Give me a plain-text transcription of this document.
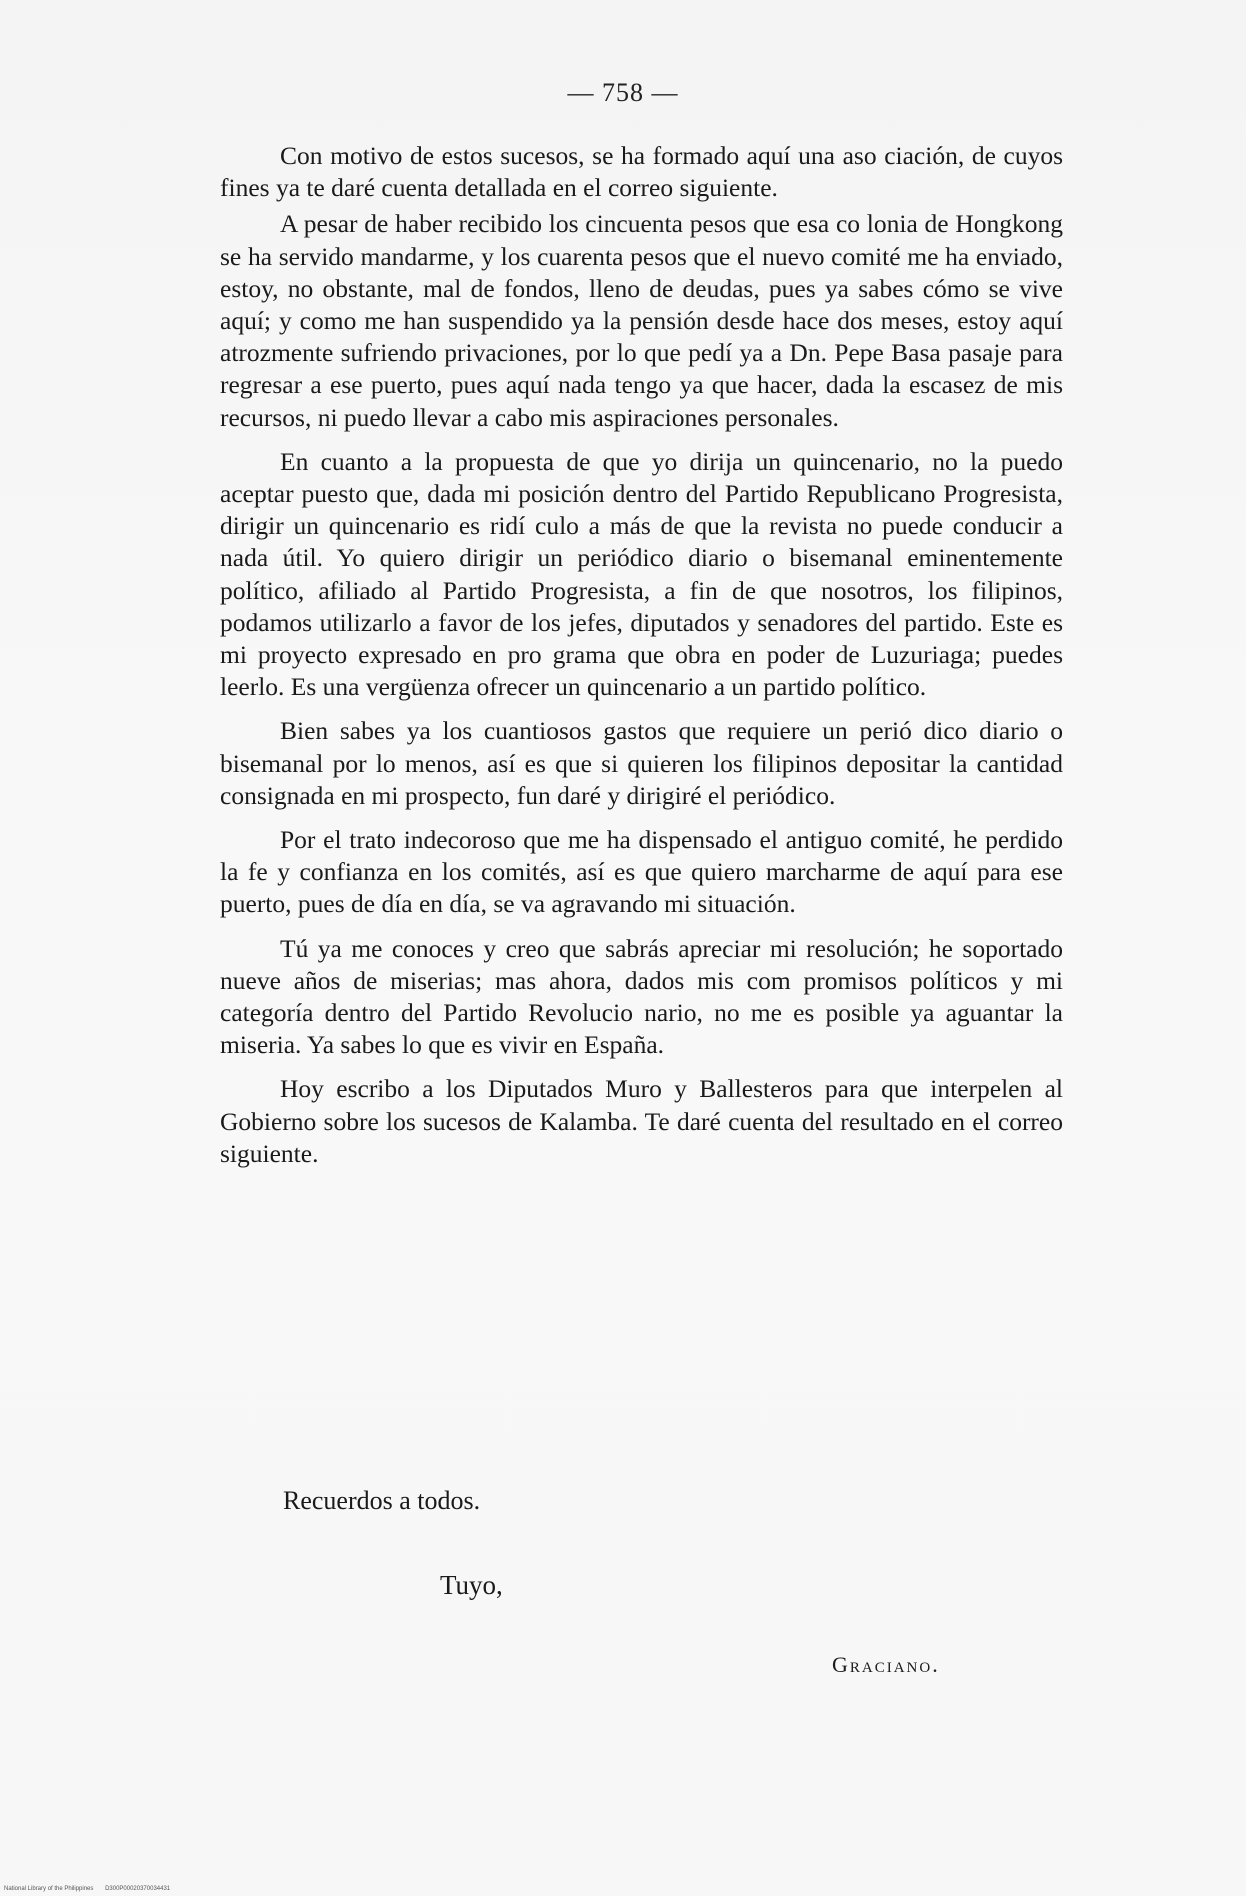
— 758 —

Con motivo de estos sucesos, se ha formado aquí una aso ciación, de cuyos fines ya te daré cuenta detallada en el correo siguiente.

A pesar de haber recibido los cincuenta pesos que esa co lonia de Hongkong se ha servido mandarme, y los cuarenta pesos que el nuevo comité me ha enviado, estoy, no obstante, mal de fondos, lleno de deudas, pues ya sabes cómo se vive aquí; y como me han suspendido ya la pensión desde hace dos meses, estoy aquí atrozmente sufriendo privaciones, por lo que pedí ya a Dn. Pepe Basa pasaje para regresar a ese puerto, pues aquí nada tengo ya que hacer, dada la escasez de mis recursos, ni puedo llevar a cabo mis aspiraciones personales.

En cuanto a la propuesta de que yo dirija un quincenario, no la puedo aceptar puesto que, dada mi posición dentro del Partido Republicano Progresista, dirigir un quincenario es ridí culo a más de que la revista no puede conducir a nada útil. Yo quiero dirigir un periódico diario o bisemanal eminentemente político, afiliado al Partido Progresista, a fin de que nosotros, los filipinos, podamos utilizarlo a favor de los jefes, diputados y senadores del partido. Este es mi proyecto expresado en pro grama que obra en poder de Luzuriaga; puedes leerlo. Es una vergüenza ofrecer un quincenario a un partido político.

Bien sabes ya los cuantiosos gastos que requiere un perió dico diario o bisemanal por lo menos, así es que si quieren los filipinos depositar la cantidad consignada en mi prospecto, fun daré y dirigiré el periódico.

Por el trato indecoroso que me ha dispensado el antiguo comité, he perdido la fe y confianza en los comités, así es que quiero marcharme de aquí para ese puerto, pues de día en día, se va agravando mi situación.

Tú ya me conoces y creo que sabrás apreciar mi resolución; he soportado nueve años de miserias; mas ahora, dados mis com promisos políticos y mi categoría dentro del Partido Revolucio nario, no me es posible ya aguantar la miseria. Ya sabes lo que es vivir en España.

Hoy escribo a los Diputados Muro y Ballesteros para que interpelen al Gobierno sobre los sucesos de Kalamba. Te daré cuenta del resultado en el correo siguiente.

Recuerdos a todos.
Tuyo,
Graciano.
National Library of the Philippines D300P00020370034431
